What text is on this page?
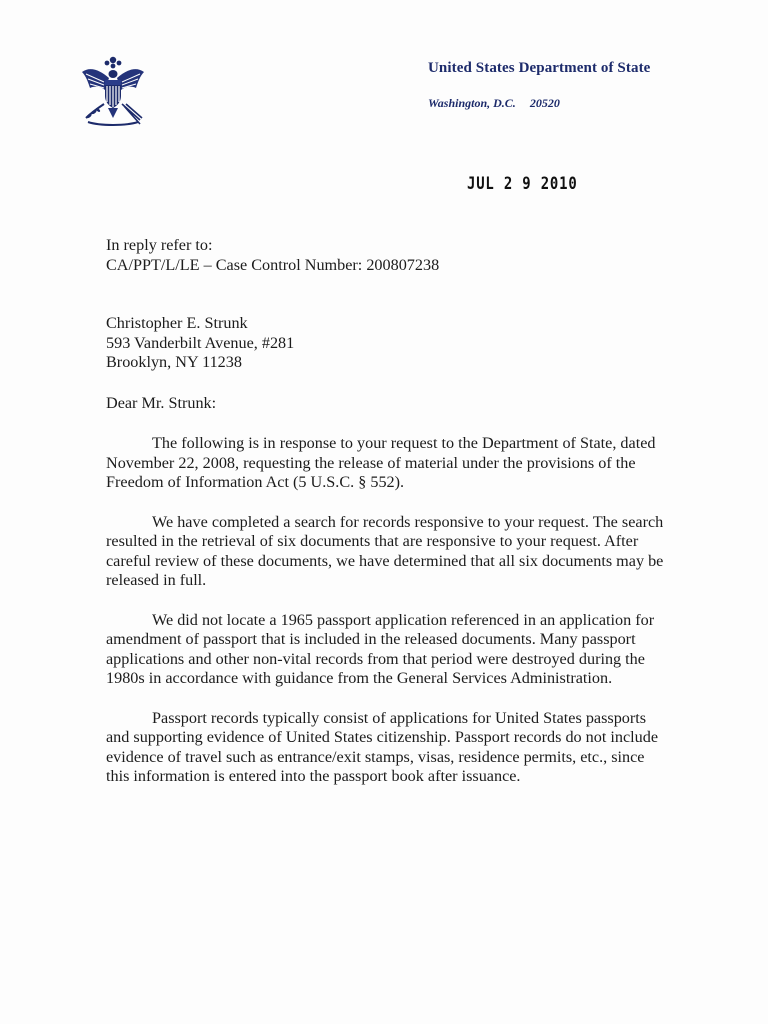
United States Department of State
Washington, D.C. 20520
JUL 2 9 2010

In reply refer to:

CA/PPT/L/LE – Case Control Number: 200807238

Christopher E. Strunk

593 Vanderbilt Avenue, #281

Brooklyn, NY 11238

Dear Mr. Strunk:

The following is in response to your request to the Department of State, dated November 22, 2008, requesting the release of material under the provisions of the Freedom of Information Act (5 U.S.C. § 552).

We have completed a search for records responsive to your request. The search resulted in the retrieval of six documents that are responsive to your request. After careful review of these documents, we have determined that all six documents may be released in full.

We did not locate a 1965 passport application referenced in an application for amendment of passport that is included in the released documents. Many passport applications and other non-vital records from that period were destroyed during the 1980s in accordance with guidance from the General Services Administration.

Passport records typically consist of applications for United States passports and supporting evidence of United States citizenship. Passport records do not include evidence of travel such as entrance/exit stamps, visas, residence permits, etc., since this information is entered into the passport book after issuance.
